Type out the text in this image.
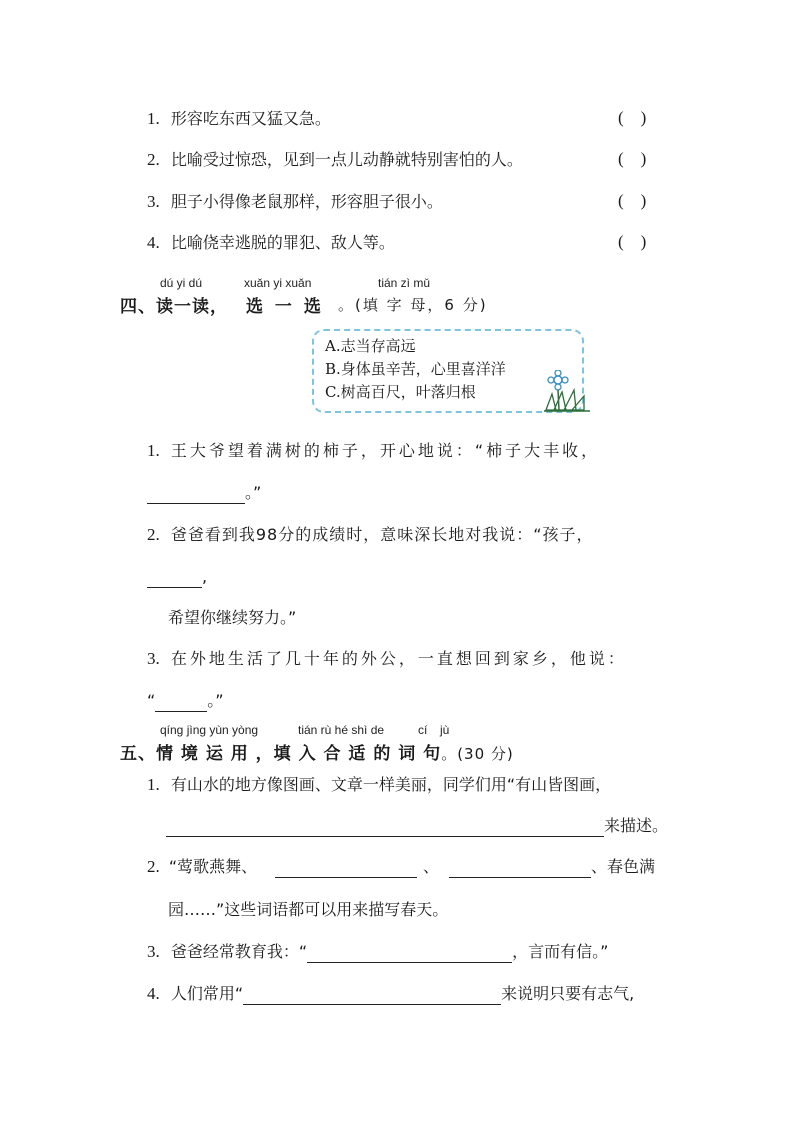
1. 形容吃东西又猛又急。	(    )
2. 比喻受过惊恐，见到一点儿动静就特别害怕的人。	(    )
3. 胆子小得像老鼠那样，形容胆子很小。	(    )
4. 比喻侥幸逃脱的罪犯、敌人等。	(    )
dú yi dú	xuǎn yi xuǎn	tián zì mǔ
四、读一读， 选 一 选 。(填 字 母，6 分)
A.志当存高远
B.身体虽辛苦，心里喜洋洋
C.树高百尺，叶落归根
1. 王大爷望着满树的柿子，开心地说：“柿子大丰收，
。”
2. 爸爸看到我98分的成绩时，意味深长地对我说：“孩子，
,
希望你继续努力。”
3. 在外地生活了几十年的外公，一直想回到家乡，他说：
“	。”
qíng jìng yùn yòng	tián rù hé shì de	cí jù
五、情 境 运 用 ，填 入 合 适 的 词 句。(30 分)
1. 有山水的地方像图画、文章一样美丽，同学们用“有山皆图画，
来描述。
2. “莺歌燕舞、	、	、春色满
园……”这些词语都可以用来描写春天。
3. 爸爸经常教育我：“	，言而有信。”
4. 人们常用“	来说明只要有志气,
